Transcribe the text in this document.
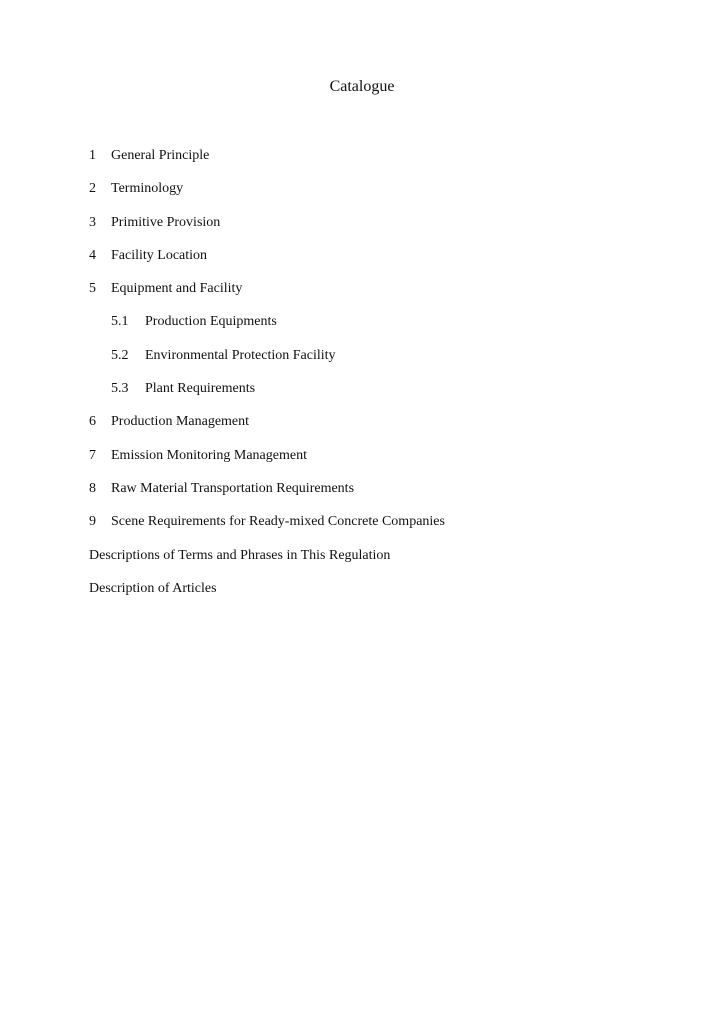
Catalogue
1 General Principle
2 Terminology
3 Primitive Provision
4 Facility Location
5 Equipment and Facility
5.1 Production Equipments
5.2 Environmental Protection Facility
5.3 Plant Requirements
6 Production Management
7 Emission Monitoring Management
8 Raw Material Transportation Requirements
9 Scene Requirements for Ready-mixed Concrete Companies
Descriptions of Terms and Phrases in This Regulation
Description of Articles
